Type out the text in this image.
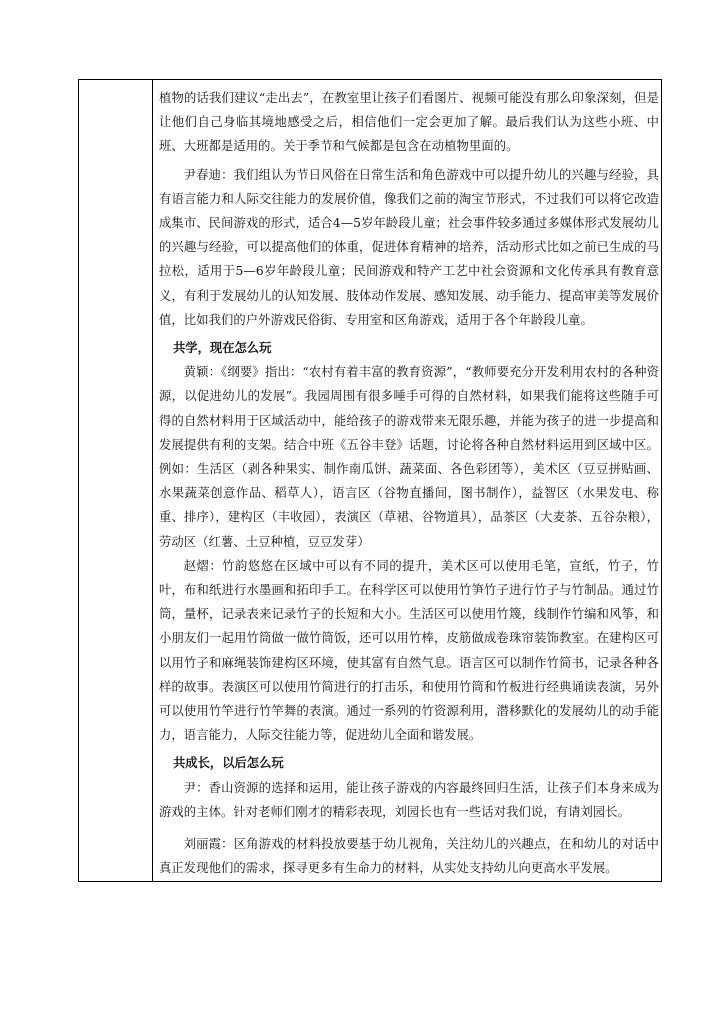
植物的话我们建议“走出去”，在教室里让孩子们看图片、视频可能没有那么印象深刻，但是让他们自己身临其境地感受之后，相信他们一定会更加了解。最后我们认为这些小班、中班、大班都是适用的。关于季节和气候都是包含在动植物里面的。

尹春迪：我们组认为节日风俗在日常生活和角色游戏中可以提升幼儿的兴趣与经验，具有语言能力和人际交往能力的发展价值，像我们之前的淘宝节形式，不过我们可以将它改造成集市、民间游戏的形式，适合4—5岁年龄段儿童；社会事件较多通过多媒体形式发展幼儿的兴趣与经验，可以提高他们的体重，促进体育精神的培养，活动形式比如之前已生成的马拉松，适用于5—6岁年龄段儿童；民间游戏和特产工艺中社会资源和文化传承具有教育意义，有利于发展幼儿的认知发展、肢体动作发展、感知发展、动手能力、提高审美等发展价值，比如我们的户外游戏民俗街、专用室和区角游戏，适用于各个年龄段儿童。

共学，现在怎么玩

黄颖：《纲要》指出：“农村有着丰富的教育资源”，“教师要充分开发利用农村的各种资源，以促进幼儿的发展”。我园周围有很多唾手可得的自然材料，如果我们能将这些随手可得的自然材料用于区域活动中，能给孩子的游戏带来无限乐趣，并能为孩子的进一步提高和发展提供有利的支架。结合中班《五谷丰登》话题，讨论将各种自然材料运用到区域中区。例如：生活区（剥各种果实、制作南瓜饼、蔬菜面、各色彩团等），美术区（豆豆拼贴画、水果蔬菜创意作品、稻草人），语言区（谷物直播间，图书制作），益智区（水果发电、称重、排序），建构区（丰收园），表演区（草裙、谷物道具），品茶区（大麦茶、五谷杂粮），劳动区（红薯、土豆种植，豆豆发芽）

赵熠：竹韵悠悠在区域中可以有不同的提升，美术区可以使用毛笔，宣纸，竹子，竹叶，布和纸进行水墨画和拓印手工。在科学区可以使用竹笋竹子进行竹子与竹制品。通过竹筒，量杯，记录表来记录竹子的长短和大小。生活区可以使用竹篾，线制作竹编和风筝，和小朋友们一起用竹筒做一做竹筒饭，还可以用竹棒，皮筋做成卷珠帘装饰教室。在建构区可以用竹子和麻绳装饰建构区环境，使其富有自然气息。语言区可以制作竹简书，记录各种各样的故事。表演区可以使用竹简进行的打击乐，和使用竹筒和竹板进行经典诵读表演，另外可以使用竹竿进行竹竿舞的表演。通过一系列的竹资源利用，潜移默化的发展幼儿的动手能力，语言能力，人际交往能力等，促进幼儿全面和谐发展。

共成长，以后怎么玩

尹：香山资源的选择和运用，能让孩子游戏的内容最终回归生活，让孩子们本身来成为游戏的主体。针对老师们刚才的精彩表现，刘园长也有一些话对我们说，有请刘园长。

刘丽霞：区角游戏的材料投放要基于幼儿视角，关注幼儿的兴趣点，在和幼儿的对话中真正发现他们的需求，探寻更多有生命力的材料，从实处支持幼儿向更高水平发展。
